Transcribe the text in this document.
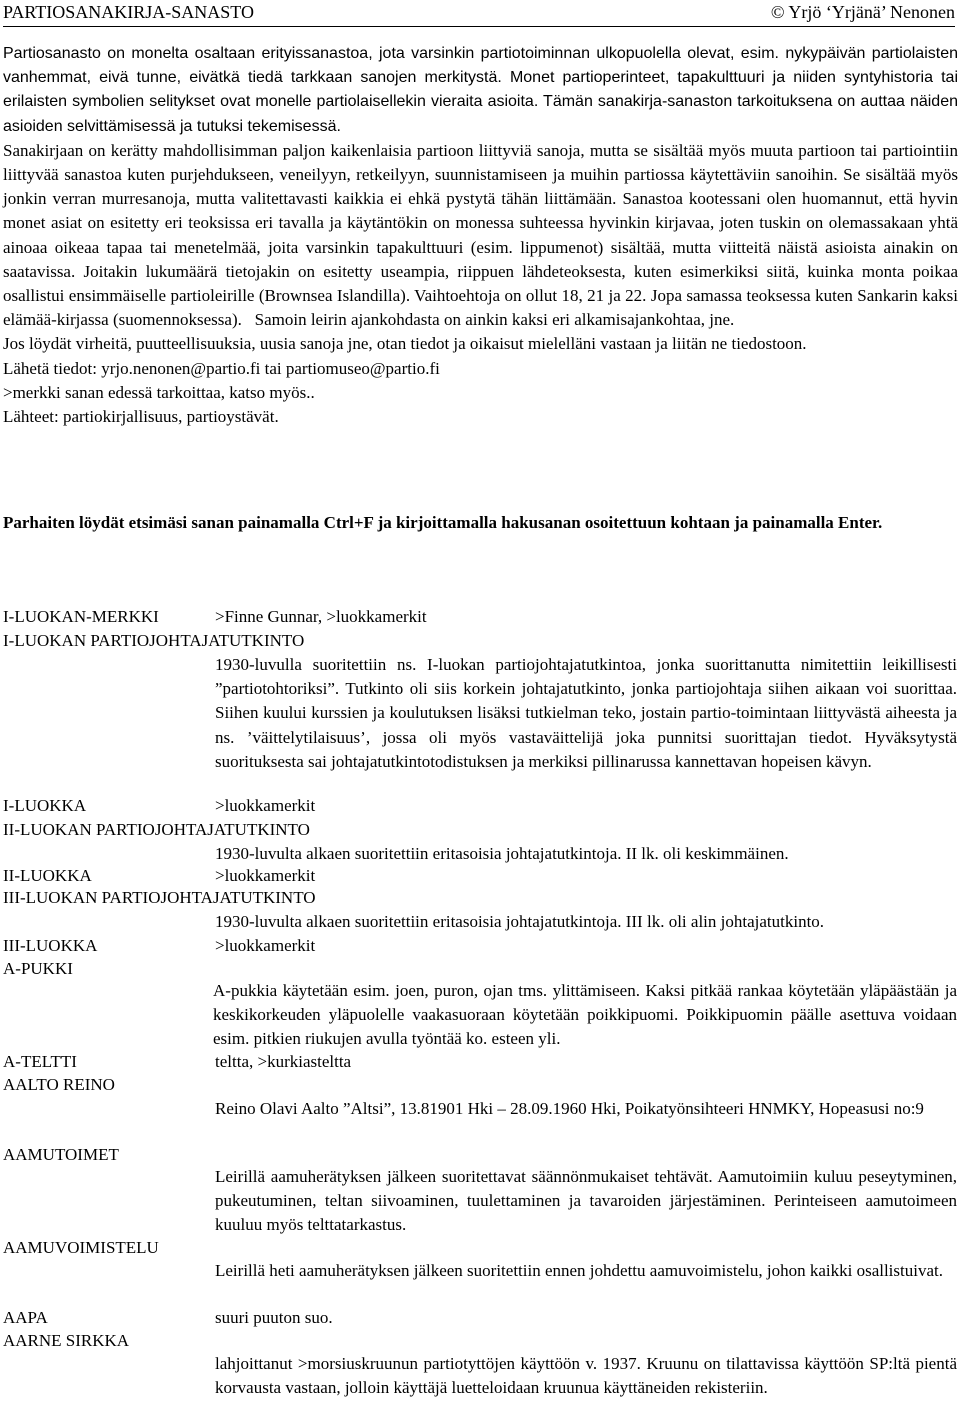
PARTIOSANAKIRJA-SANASTO	© Yrjö ‘Yrjänä’ Nenonen

Partiosanasto on monelta osaltaan erityissanastoa, jota varsinkin partiotoiminnan ulkopuolella olevat, esim. nykypäivän partiolaisten vanhemmat, eivä tunne, eivätkä tiedä tarkkaan sanojen merkitystä. Monet partioperinteet, tapakulttuuri ja niiden syntyhistoria tai erilaisten symbolien selitykset ovat monelle partiolaisellekin vieraita asioita. Tämän sanakirja-sanaston tarkoituksena on auttaa näiden asioiden selvittämisessä ja tutuksi tekemisessä.

Sanakirjaan on kerätty mahdollisimman paljon kaikenlaisia partioon liittyviä sanoja, mutta se sisältää myös muuta partioon tai partiointiin liittyvää sanastoa kuten purjehdukseen, veneilyyn, retkeilyyn, suunnistamiseen ja muihin partiossa käytettäviin sanoihin. Se sisältää myös jonkin verran murresanoja, mutta valitettavasti kaikkia ei ehkä pystytä tähän liittämään. Sanastoa kootessani olen huomannut, että hyvin monet asiat on esitetty eri teoksissa eri tavalla ja käytäntökin on monessa suhteessa hyvinkin kirjavaa, joten tuskin on olemassakaan yhtä ainoaa oikeaa tapaa tai menetelmää, joita varsinkin tapakulttuuri (esim. lippumenot) sisältää, mutta viitteitä näistä asioista ainakin on saatavissa. Joitakin lukumäärä tietojakin on esitetty useampia, riippuen lähdeteoksesta, kuten esimerkiksi siitä, kuinka monta poikaa osallistui ensimmäiselle partioleirille (Brownsea Islandilla). Vaihtoehtoja on ollut 18, 21 ja 22. Jopa samassa teoksessa kuten Sankarin kaksi elämää-kirjassa (suomennoksessa). Samoin leirin ajankohdasta on ainkin kaksi eri alkamisajankohtaa, jne.

Jos löydät virheitä, puutteellisuuksia, uusia sanoja jne, otan tiedot ja oikaisut mielelläni vastaan ja liitän ne tiedostoon.

Lähetä tiedot: yrjo.nenonen@partio.fi tai partiomuseo@partio.fi

>merkki sanan edessä tarkoittaa, katso myös..

Lähteet: partiokirjallisuus, partioystävät.

Parhaiten löydät etsimäsi sanan painamalla Ctrl+F ja kirjoittamalla hakusanan osoitettuun kohtaan ja painamalla Enter.
I-LUOKAN-MERKKI	>Finne Gunnar, >luokkamerkit
I-LUOKAN PARTIOJOHTAJATUTKINTO
1930-luvulla suoritettiin ns. I-luokan partiojohtajatutkintoa, jonka suorittanutta nimitettiin leikillisesti ”partiotohtoriksi”. Tutkinto oli siis korkein johtajatutkinto, jonka partiojohtaja siihen aikaan voi suorittaa. Siihen kuului kurssien ja koulutuksen lisäksi tutkielman teko, jostain partio-toimintaan liittyvästä aiheesta ja ns. ’väittelytilaisuus’, jossa oli myös vastaväittelijä joka punnitsi suorittajan tiedot. Hyväksytystä suorituksesta sai johtajatutkintotodistuksen ja merkiksi pillinarussa kannettavan hopeisen kävyn.
I-LUOKKA	>luokkamerkit
II-LUOKAN PARTIOJOHTAJATUTKINTO
1930-luvulta alkaen suoritettiin eritasoisia johtajatutkintoja. II lk. oli keskimmäinen.
II-LUOKKA	>luokkamerkit
III-LUOKAN PARTIOJOHTAJATUTKINTO
1930-luvulta alkaen suoritettiin eritasoisia johtajatutkintoja. III lk. oli alin johtajatutkinto.
III-LUOKKA	>luokkamerkit
A-PUKKI
A-pukkia käytetään esim. joen, puron, ojan tms. ylittämiseen. Kaksi pitkää rankaa köytetään yläpäästään ja keskikorkeuden yläpuolelle vaakasuoraan köytetään poikkipuomi. Poikkipuomin päälle asettuva voidaan esim. pitkien riukujen avulla työntää ko. esteen yli.
A-TELTTI	teltta, >kurkiasteltta
AALTO REINO
Reino Olavi Aalto ”Altsi”, 13.81901 Hki – 28.09.1960 Hki, Poikatyönsihteeri HNMKY, Hopeasusi no:9
AAMUTOIMET
Leirillä aamuherätyksen jälkeen suoritettavat säännönmukaiset tehtävät. Aamutoimiin kuluu peseytyminen, pukeutuminen, teltan siivoaminen, tuulettaminen ja tavaroiden järjestäminen. Perinteiseen aamutoimeen kuuluu myös telttatarkastus.
AAMUVOIMISTELU
Leirillä heti aamuherätyksen jälkeen suoritettiin ennen johdettu aamuvoimistelu, johon kaikki osallistuivat.
AAPA	suuri puuton suo.
AARNE SIRKKA
lahjoittanut >morsiuskruunun partiotyttöjen käyttöön v. 1937. Kruunu on tilattavissa käyttöön SP:ltä pientä korvausta vastaan, jolloin käyttäjä luetteloidaan kruunua käyttäneiden rekisteriin.
